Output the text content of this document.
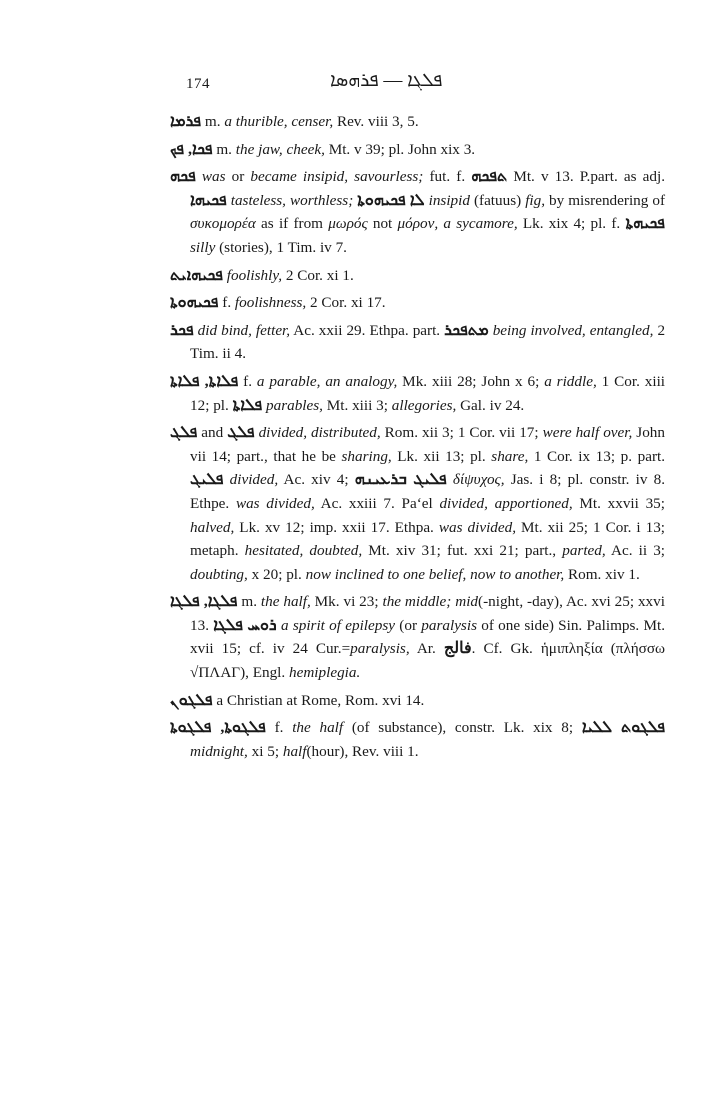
174	ܦܠܓܐ — ܦܪܗܣܐ

ܦܪܡܐ m. a thurible, censer, Rev. viii 3, 5.

ܦܟܐ, ܦܟ m. the jaw, cheek, Mt. v 39; pl. John xix 3.

ܦܟܗ was or became insipid, savourless; fut. f. ܬܦܟܗ Mt. v 13. P.part. as adj. ܦܟܝܗܐ tasteless, worthless; ܠܐ ܦܟܝܗܘܬܐ insipid (fatuus) fig, by misrendering of συκομορέα as if from μωρός not μόρον, a sycamore, Lk. xix 4; pl. f. ܦܟܝܗܬܐ silly (stories), 1 Tim. iv 7.

ܦܟܝܗܐܝܬ foolishly, 2 Cor. xi 1.

ܦܟܝܗܘܬܐ f. foolishness, 2 Cor. xi 17.

ܦܟܪ did bind, fetter, Ac. xxii 29. Ethpa. part. ܡܬܦܟܪ being involved, entangled, 2 Tim. ii 4.

ܦܠܐܬܐ, ܦܠܐܬܐ f. a parable, an analogy, Mk. xiii 28; John x 6; a riddle, 1 Cor. xiii 12; pl. ܦܠܐܬܐ parables, Mt. xiii 3; allegories, Gal. iv 24.

ܦܠܓ and ܦܠܓ divided, distributed, Rom. xii 3; 1 Cor. vii 17; were half over, John vii 14; part., that he be sharing, Lk. xii 13; pl. share, 1 Cor. ix 13; p. part. ܦܠܝܓ divided, Ac. xiv 4; ܦܠܝܓ ܒܪܥܝܢܗ δίψυχος, Jas. i 8; pl. constr. iv 8. Ethpe. was divided, Ac. xxiii 7. Pa‘el divided, apportioned, Mt. xxvii 35; halved, Lk. xv 12; imp. xxii 17. Ethpa. was divided, Mt. xii 25; 1 Cor. i 13; metaph. hesitated, doubted, Mt. xiv 31; fut. xxi 21; part., parted, Ac. ii 3; doubting, x 20; pl. now inclined to one belief, now to another, Rom. xiv 1.

ܦܠܓܐ, ܦܠܓܐ m. the half, Mk. vi 23; the middle; mid(-night, -day), Ac. xvi 25; xxvi 13. ܪܘܚ ܦܠܓܐ a spirit of epilepsy (or paralysis of one side) Sin. Palimps. Mt. xvii 15; cf. iv 24 Cur.=paralysis, Ar. فالج. Cf. Gk. ἡμιπληξία (πλήσσω √ΠΛΑΓ), Engl. hemiplegia.

ܦܠܓܘܢ a Christian at Rome, Rom. xvi 14.

ܦܠܓܘܬܐ, ܦܠܓܘܬܐ f. the half (of substance), constr. Lk. xix 8; ܦܠܓܘܬ ܠܠܝܐ midnight, xi 5; half(hour), Rev. viii 1.
